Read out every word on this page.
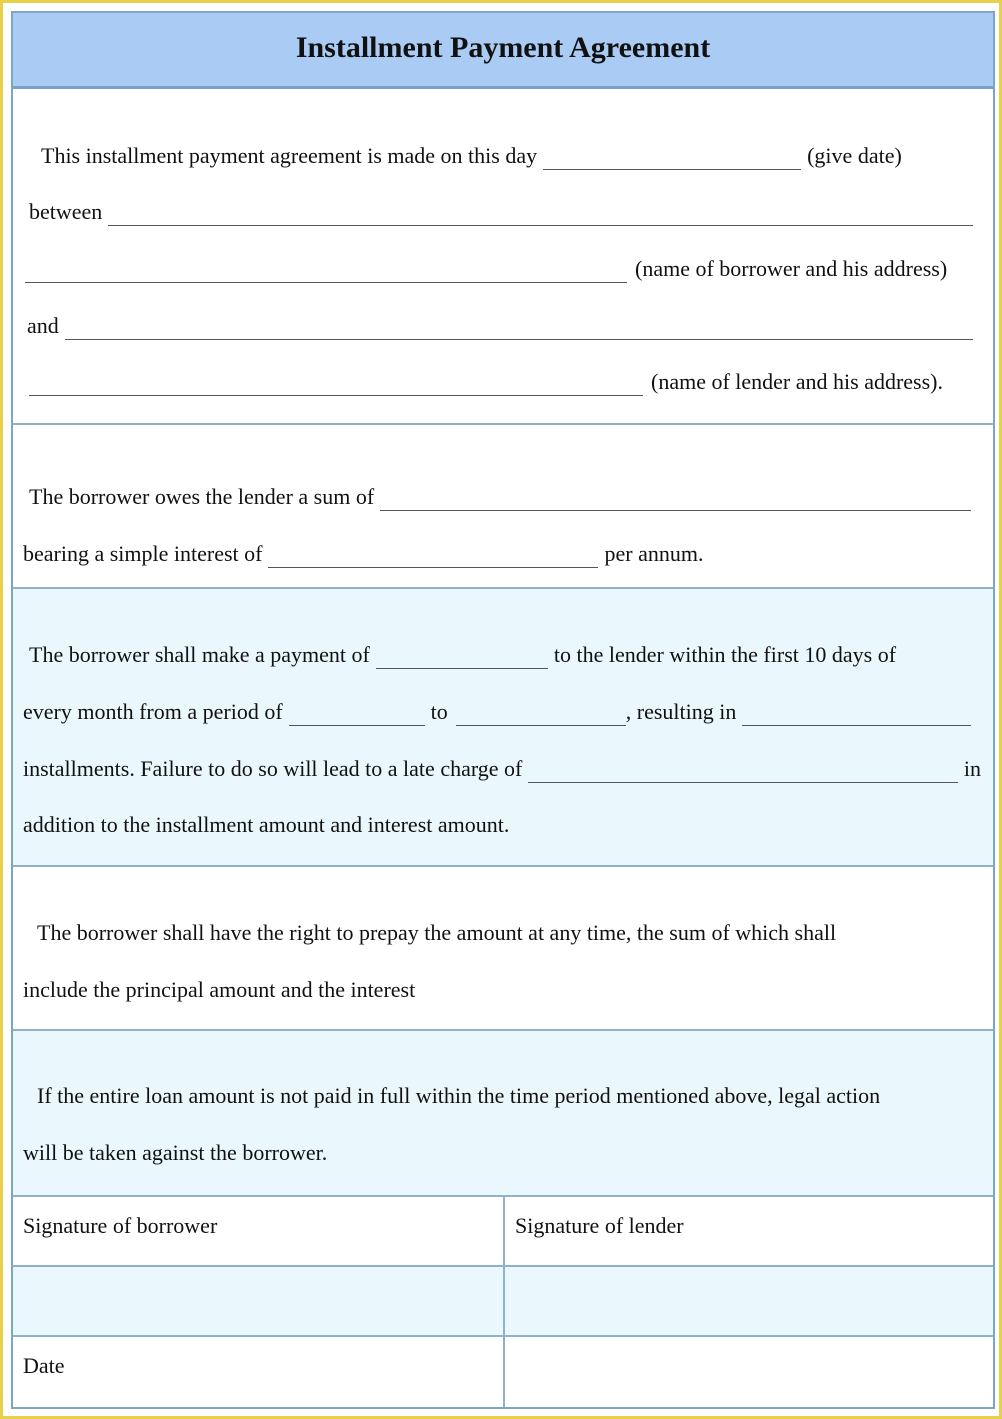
Installment Payment Agreement
This installment payment agreement is made on this day	(give date)
between
(name of borrower and his address)
and
(name of lender and his address).
The borrower owes the lender a sum of
bearing a simple interest of	per annum.
The borrower shall make a payment of	to the lender within the first 10 days of
every month from a period of	to	, resulting in
installments. Failure to do so will lead to a late charge of	in
addition to the installment amount and interest amount.
The borrower shall have the right to prepay the amount at any time, the sum of which shall
include the principal amount and the interest
If the entire loan amount is not paid in full within the time period mentioned above, legal action
will be taken against the borrower.
Signature of borrower	Signature of lender
Date
